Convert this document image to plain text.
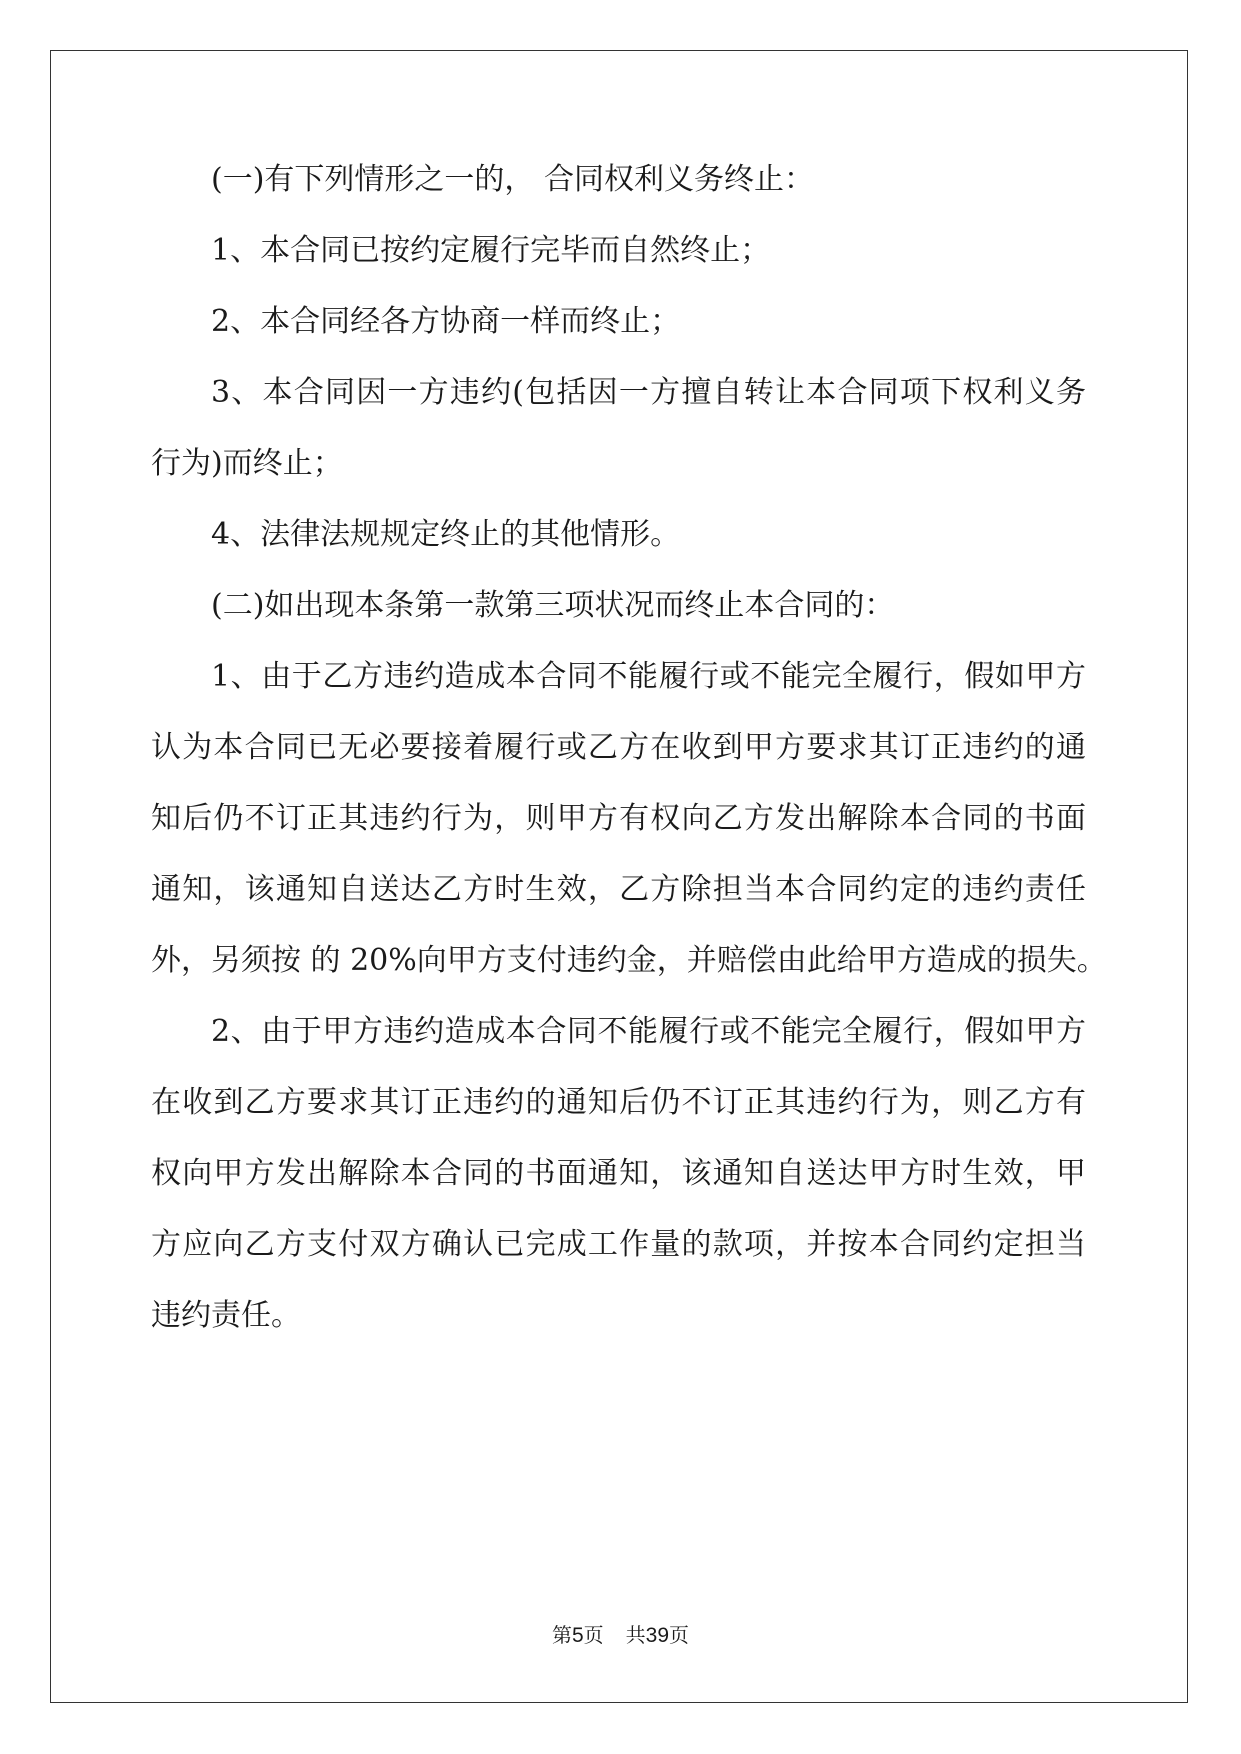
(一)有下列情形之一的， 合同权利义务终止：
1、本合同已按约定履行完毕而自然终止；
2、本合同经各方协商一样而终止；
3、本合同因一方违约(包括因一方擅自转让本合同项下权利义务
行为)而终止；
4、法律法规规定终止的其他情形。
(二)如出现本条第一款第三项状况而终止本合同的：
1、由于乙方违约造成本合同不能履行或不能完全履行，假如甲方
认为本合同已无必要接着履行或乙方在收到甲方要求其订正违约的通
知后仍不订正其违约行为，则甲方有权向乙方发出解除本合同的书面
通知，该通知自送达乙方时生效，乙方除担当本合同约定的违约责任
外，另须按 的 20%向甲方支付违约金，并赔偿由此给甲方造成的损失。
2、由于甲方违约造成本合同不能履行或不能完全履行，假如甲方
在收到乙方要求其订正违约的通知后仍不订正其违约行为，则乙方有
权向甲方发出解除本合同的书面通知，该通知自送达甲方时生效，甲
方应向乙方支付双方确认已完成工作量的款项，并按本合同约定担当
违约责任。
第5页 共39页
